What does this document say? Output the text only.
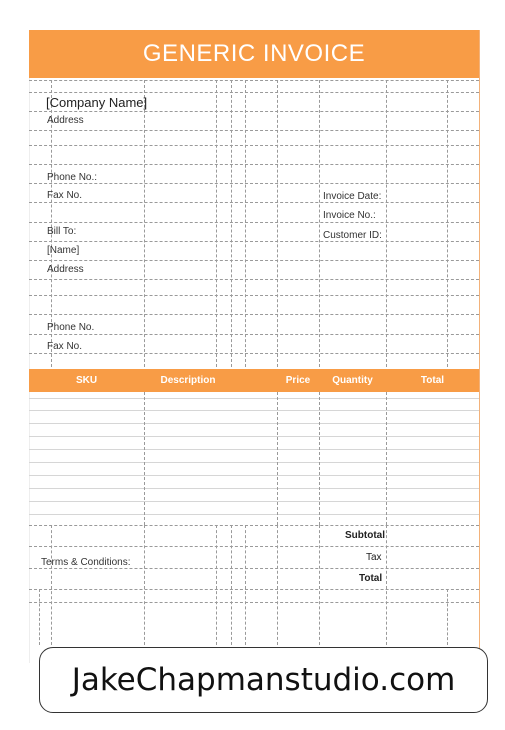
GENERIC INVOICE
[Company Name]
Address
Phone No.:
Fax No.	Invoice Date:
Invoice No.:
Customer ID:
Bill To:
[Name]
Address
Phone No.
Fax No.
SKU	Description	Price	Quantity	Total
Subtotal
Tax
Total
Terms & Conditions:
JakeChapmanstudio.com
